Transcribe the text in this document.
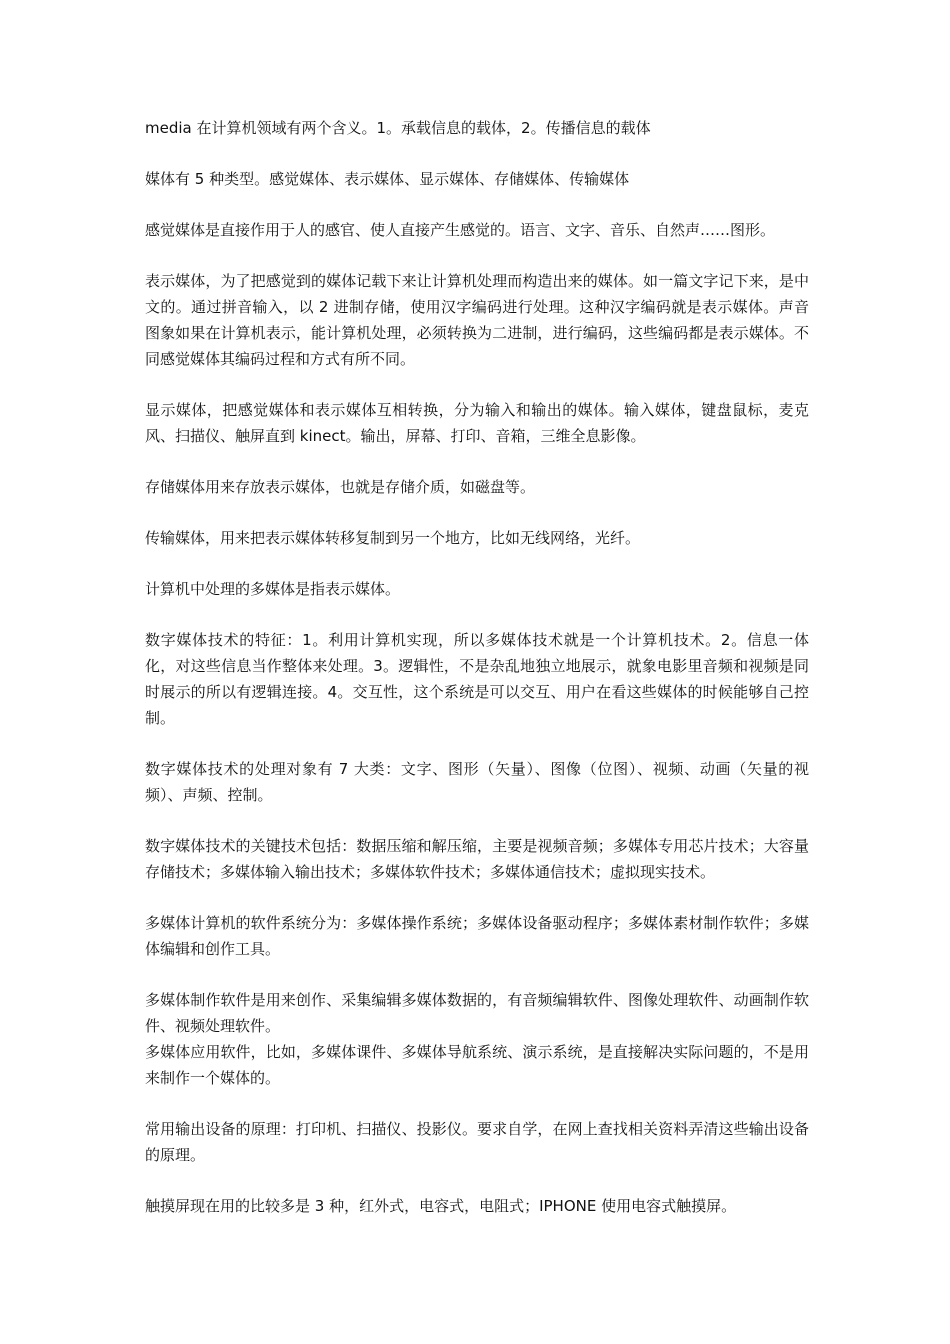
media 在计算机领域有两个含义。1。承载信息的载体，2。传播信息的载体

媒体有 5 种类型。感觉媒体、表示媒体、显示媒体、存储媒体、传输媒体

感觉媒体是直接作用于人的感官、使人直接产生感觉的。语言、文字、音乐、自然声……图形。

表示媒体，为了把感觉到的媒体记载下来让计算机处理而构造出来的媒体。如一篇文字记下来，是中文的。通过拼音输入，以 2 进制存储，使用汉字编码进行处理。这种汉字编码就是表示媒体。声音图象如果在计算机表示，能计算机处理，必须转换为二进制，进行编码，这些编码都是表示媒体。不同感觉媒体其编码过程和方式有所不同。

显示媒体，把感觉媒体和表示媒体互相转换，分为输入和输出的媒体。输入媒体，键盘鼠标，麦克风、扫描仪、触屏直到 kinect。输出，屏幕、打印、音箱，三维全息影像。

存储媒体用来存放表示媒体，也就是存储介质，如磁盘等。

传输媒体，用来把表示媒体转移复制到另一个地方，比如无线网络，光纤。

计算机中处理的多媒体是指表示媒体。

数字媒体技术的特征：1。利用计算机实现，所以多媒体技术就是一个计算机技术。2。信息一体化，对这些信息当作整体来处理。3。逻辑性，不是杂乱地独立地展示，就象电影里音频和视频是同时展示的所以有逻辑连接。4。交互性，这个系统是可以交互、用户在看这些媒体的时候能够自己控制。

数字媒体技术的处理对象有 7 大类：文字、图形（矢量）、图像（位图）、视频、动画（矢量的视频）、声频、控制。

数字媒体技术的关键技术包括：数据压缩和解压缩，主要是视频音频；多媒体专用芯片技术；大容量存储技术；多媒体输入输出技术；多媒体软件技术；多媒体通信技术；虚拟现实技术。

多媒体计算机的软件系统分为：多媒体操作系统；多媒体设备驱动程序；多媒体素材制作软件；多媒体编辑和创作工具。

多媒体制作软件是用来创作、采集编辑多媒体数据的，有音频编辑软件、图像处理软件、动画制作软件、视频处理软件。

多媒体应用软件，比如，多媒体课件、多媒体导航系统、演示系统，是直接解决实际问题的，不是用来制作一个媒体的。

常用输出设备的原理：打印机、扫描仪、投影仪。要求自学，在网上查找相关资料弄清这些输出设备的原理。

触摸屏现在用的比较多是 3 种，红外式，电容式，电阻式；IPHONE 使用电容式触摸屏。
